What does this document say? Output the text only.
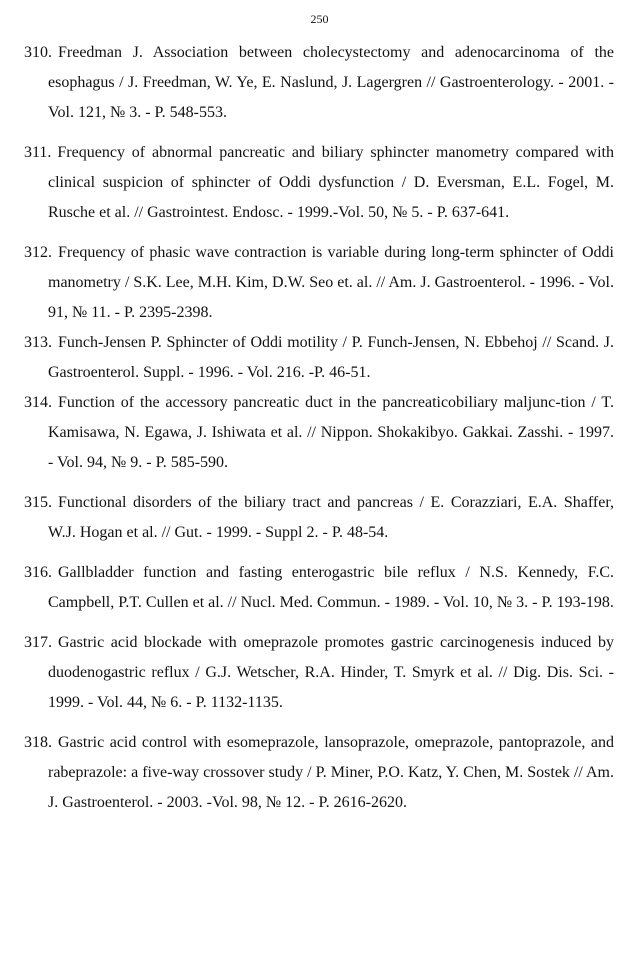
250

310. Freedman J. Association between cholecystectomy and adenocarcinoma of the esophagus / J. Freedman, W. Ye, E. Naslund, J. Lagergren // Gastroenterology. - 2001. - Vol. 121, № 3. - P. 548-553.

311. Frequency of abnormal pancreatic and biliary sphincter manometry compared with clinical suspicion of sphincter of Oddi dysfunction / D. Eversman, E.L. Fogel, M. Rusche et al. // Gastrointest. Endosc. - 1999.-Vol. 50, № 5. - P. 637-641.

312. Frequency of phasic wave contraction is variable during long-term sphincter of Oddi manometry / S.K. Lee, M.H. Kim, D.W. Seo et. al. // Am. J. Gastroenterol. - 1996. - Vol. 91, № 11. - P. 2395-2398.

313. Funch-Jensen P. Sphincter of Oddi motility / P. Funch-Jensen, N. Ebbehoj // Scand. J. Gastroenterol. Suppl. - 1996. - Vol. 216. -P. 46-51.

314. Function of the accessory pancreatic duct in the pancreaticobiliary maljunc-tion / T. Kamisawa, N. Egawa, J. Ishiwata et al. // Nippon. Shokakibyo. Gakkai. Zasshi. - 1997. - Vol. 94, № 9. - P. 585-590.

315. Functional disorders of the biliary tract and pancreas / E. Corazziari, E.A. Shaffer, W.J. Hogan et al. // Gut. - 1999. - Suppl 2. - P. 48-54.

316. Gallbladder function and fasting enterogastric bile reflux / N.S. Kennedy, F.C. Campbell, P.T. Cullen et al. // Nucl. Med. Commun. - 1989. - Vol. 10, № 3. - P. 193-198.

317. Gastric acid blockade with omeprazole promotes gastric carcinogenesis induced by duodenogastric reflux / G.J. Wetscher, R.A. Hinder, T. Smyrk et al. // Dig. Dis. Sci. - 1999. - Vol. 44, № 6. - P. 1132-1135.

318. Gastric acid control with esomeprazole, lansoprazole, omeprazole, pantoprazole, and rabeprazole: a five-way crossover study / P. Miner, P.O. Katz, Y. Chen, M. Sostek // Am. J. Gastroenterol. - 2003. -Vol. 98, № 12. - P. 2616-2620.
